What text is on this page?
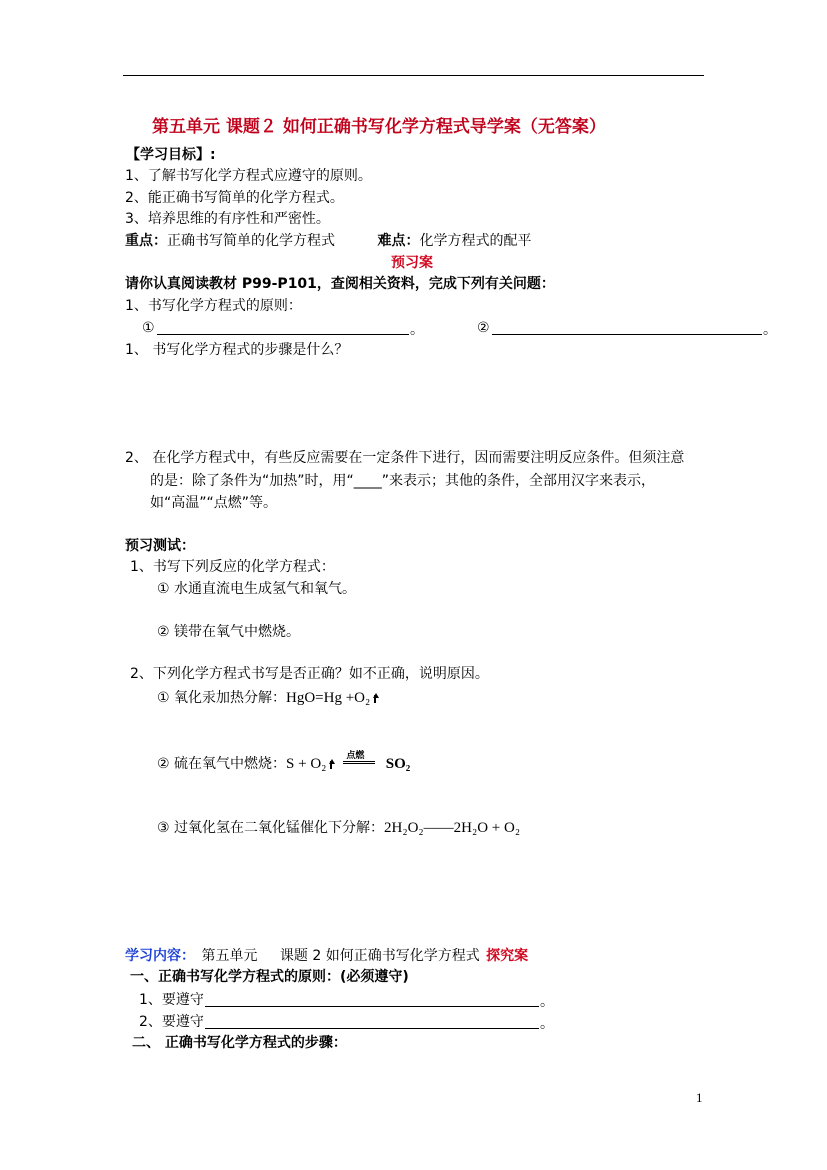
第五单元 课题２ 如何正确书写化学方程式导学案（无答案）
【学习目标】:
1、了解书写化学方程式应遵守的原则。
2、能正确书写简单的化学方程式。
3、培养思维的有序性和严密性。
重点：正确书写简单的化学方程式	难点：化学方程式的配平
预习案
请你认真阅读教材 P99-P101，查阅相关资料，完成下列有关问题：
1、书写化学方程式的原则：
①	。	②	。
1、 书写化学方程式的步骤是什么？
2、 在化学方程式中，有些反应需要在一定条件下进行，因而需要注明反应条件。但须注意
的是：除了条件为“加热”时，用“____”来表示；其他的条件，全部用汉字来表示，
如“高温”“点燃”等。
预习测试：
1、书写下列反应的化学方程式：
① 水通直流电生成氢气和氧气。
② 镁带在氧气中燃烧。
2、下列化学方程式书写是否正确？如不正确，说明原因。
① 氧化汞加热分解：HgO=Hg +O₂
② 硫在氧气中燃烧：S + O₂ 点燃 SO₂
③ 过氧化氢在二氧化锰催化下分解：2H₂O₂——2H₂O + O₂
学习内容： 第五单元 课题 2 如何正确书写化学方程式 探究案
一、正确书写化学方程式的原则：(必须遵守)
1、要遵守	。
2、要遵守	。
二、 正确书写化学方程式的步骤：
1
